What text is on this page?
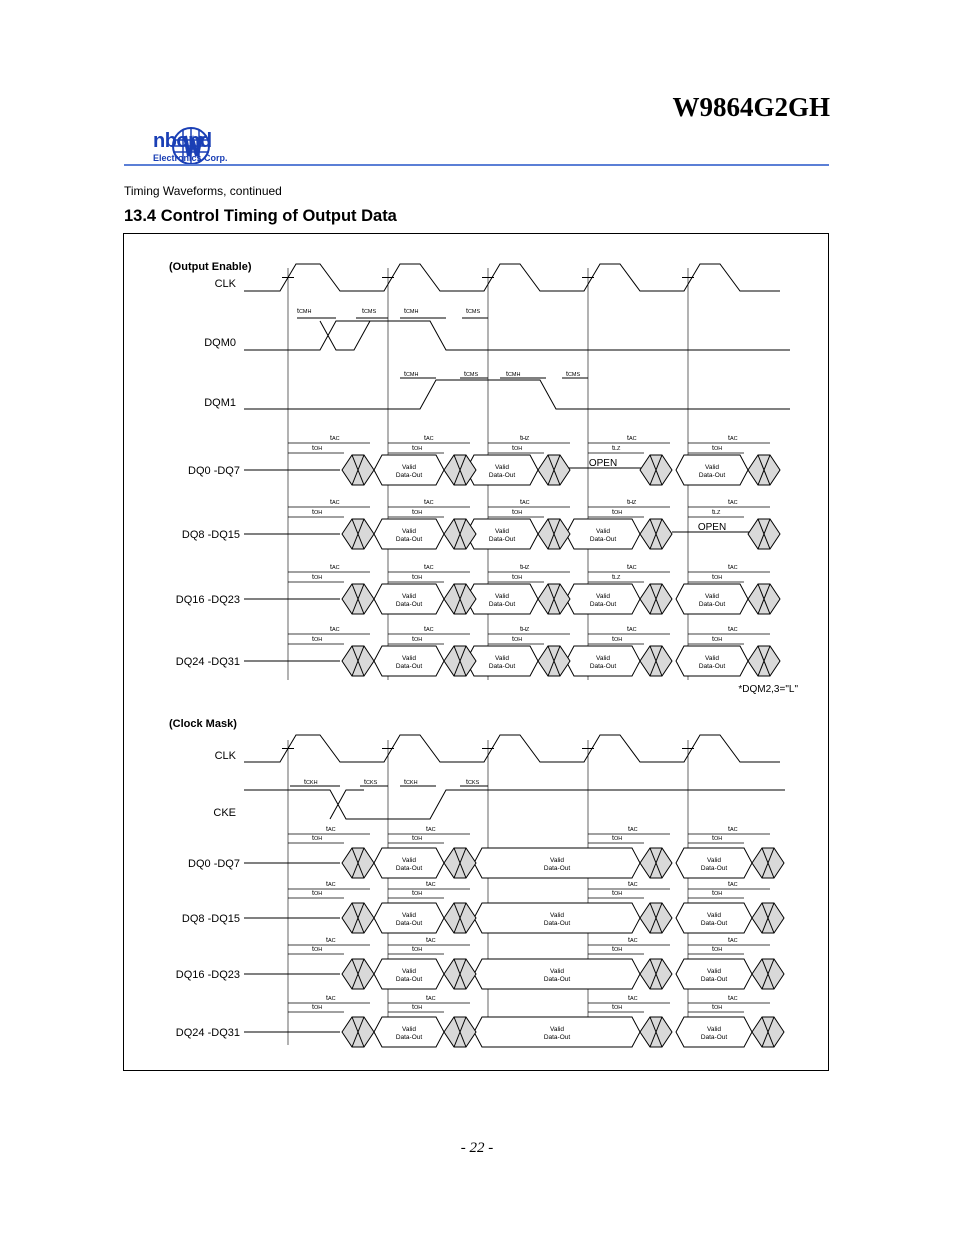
W9864G2GH
nbond
Electronics Corp.
Timing Waveforms, continued
13.4 Control Timing of Output Data
(Output Enable)
CLK
DQM0
DQM1
tCMH	tCMS	tCMH	tCMS
tCMH	tCMS	tCMH	tCMS
DQ0 -DQ7	Valid
Data-Out
Valid
Data-Out
OPEN	Valid
Data-Out
tAC	tAC	tHZ	tAC	tAC
tOH	tOH	tOH	tLZ	tOH
DQ8 -DQ15	Valid
Data-Out
Valid
Data-Out
Valid
Data-Out
OPEN
tAC	tAC	tAC	tHZ	tAC
tOH	tOH	tOH	tOH	tLZ
DQ16 -DQ23	Valid
Data-Out
Valid
Data-Out
Valid
Data-Out
Valid
Data-Out
tAC	tAC	tHZ	tAC	tAC
tOH	tOH	tOH	tLZ	tOH
DQ24 -DQ31	Valid
Data-Out
Valid
Data-Out
Valid
Data-Out
Valid
Data-Out
tAC	tAC	tHZ	tAC	tAC
tOH	tOH	tOH	tOH	tOH
*DQM2,3="L"
(Clock Mask)
CLK
CKE
tCKH	tCKS	tCKH	tCKS
DQ0 -DQ7	Valid
Data-Out
Valid
Data-Out
Valid
Data-Out
tAC	tAC	tAC	tAC
tOH	tOH	tOH	tOH
DQ8 -DQ15	Valid
Data-Out
Valid
Data-Out
Valid
Data-Out
tAC	tAC	tAC	tAC
tOH	tOH	tOH	tOH
DQ16 -DQ23	Valid
Data-Out
Valid
Data-Out
Valid
Data-Out
tAC	tAC	tAC	tAC
tOH	tOH	tOH	tOH
DQ24 -DQ31	Valid
Data-Out
Valid
Data-Out
Valid
Data-Out
tAC	tAC	tAC	tAC
tOH	tOH	tOH	tOH
- 22 -
